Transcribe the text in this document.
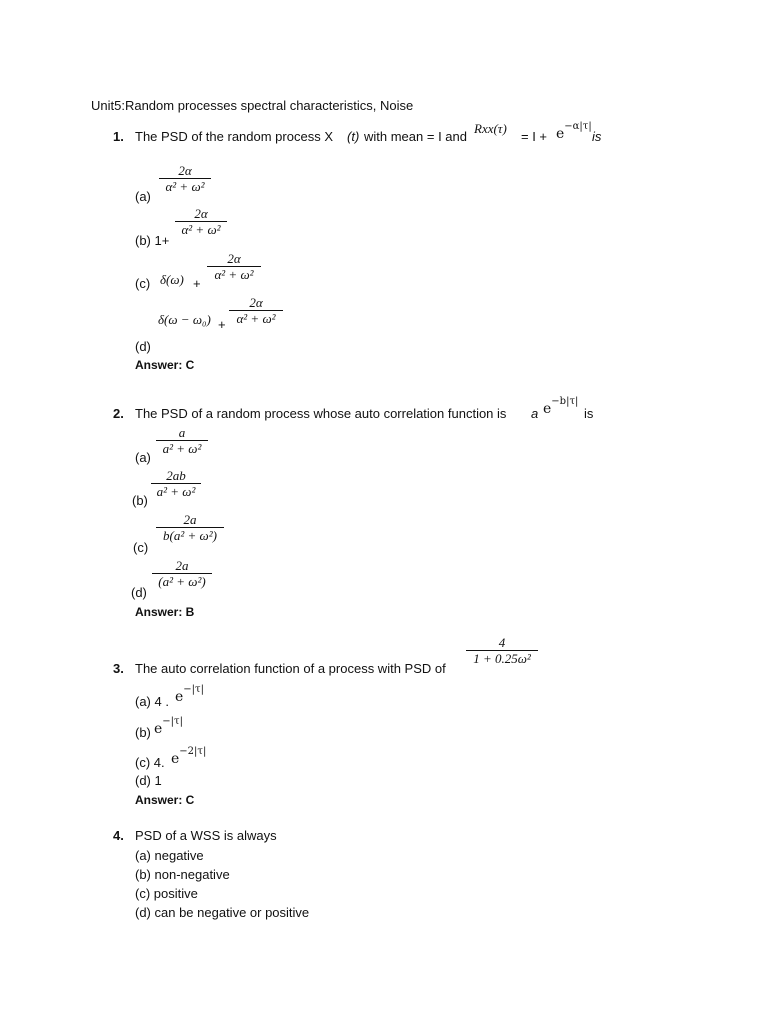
Unit5:Random processes spectral characteristics, Noise
1. The PSD of the random process X (t) with mean = I and
Rxx(τ)
= $I + e^{-\alpha|\tau|}$
is
2α
α² + ω²
(a)
2α
α² + ω²
(b) 1+
(c) δ(ω) +
2α
α² + ω²
δ(ω − ω₀) +
2α
α² + ω²
(d)
Answer: C
2. The PSD of a random process whose auto correlation function is a $e^{-b|\tau|}$
is
a
a² + ω²
(a)
2ab
a² + ω²
(b)
2a
b(a² + ω²)
(c)
2a
(a² + ω²)
(d)
Answer: B
4
1 + 0.25ω²
3. The auto correlation function of a process with PSD of
(a) 4 . $e^{-|\tau|}$
(b) $e^{-|\tau|}$
(c) 4. $e^{-2|\tau|}$
(d) 1
Answer: C
4. PSD of a WSS is always
(a) negative
(b) non-negative
(c) positive
(d) can be negative or positive
